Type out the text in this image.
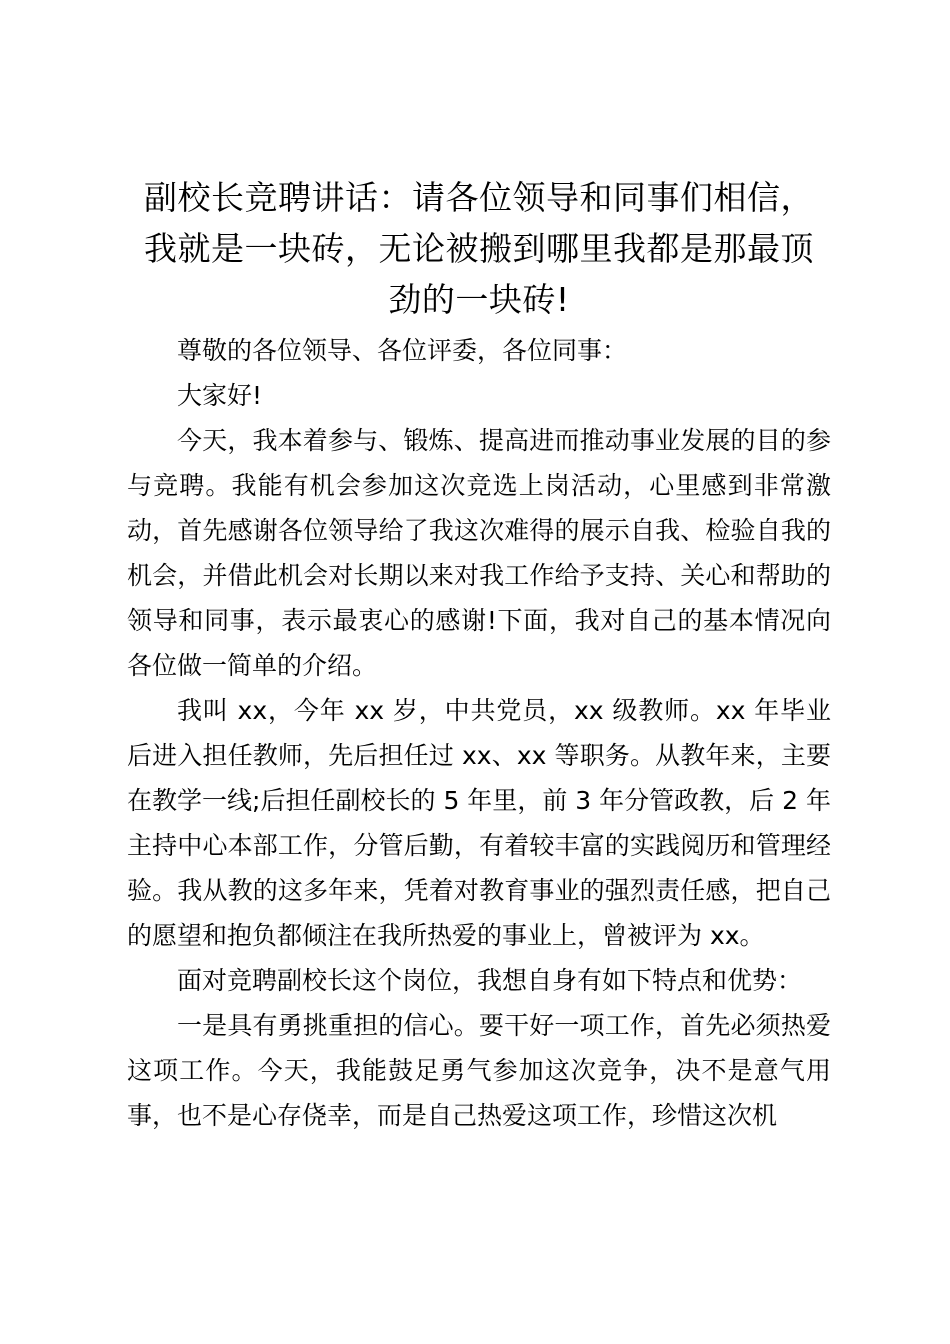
副校长竞聘讲话：请各位领导和同事们相信，
我就是一块砖，无论被搬到哪里我都是那最顶
劲的一块砖!

尊敬的各位领导、各位评委，各位同事：

大家好!

今天，我本着参与、锻炼、提高进而推动事业发展的目的参与竞聘。我能有机会参加这次竞选上岗活动，心里感到非常激动，首先感谢各位领导给了我这次难得的展示自我、检验自我的机会，并借此机会对长期以来对我工作给予支持、关心和帮助的领导和同事，表示最衷心的感谢!下面，我对自己的基本情况向各位做一简单的介绍。

我叫 xx，今年 xx 岁，中共党员，xx 级教师。xx 年毕业后进入担任教师，先后担任过 xx、xx 等职务。从教年来，主要在教学一线;后担任副校长的 5 年里，前 3 年分管政教，后 2 年主持中心本部工作，分管后勤，有着较丰富的实践阅历和管理经验。我从教的这多年来，凭着对教育事业的强烈责任感，把自己的愿望和抱负都倾注在我所热爱的事业上，曾被评为 xx。

面对竞聘副校长这个岗位，我想自身有如下特点和优势：

一是具有勇挑重担的信心。要干好一项工作，首先必须热爱这项工作。今天，我能鼓足勇气参加这次竞争，决不是意气用事，也不是心存侥幸，而是自己热爱这项工作，珍惜这次机
